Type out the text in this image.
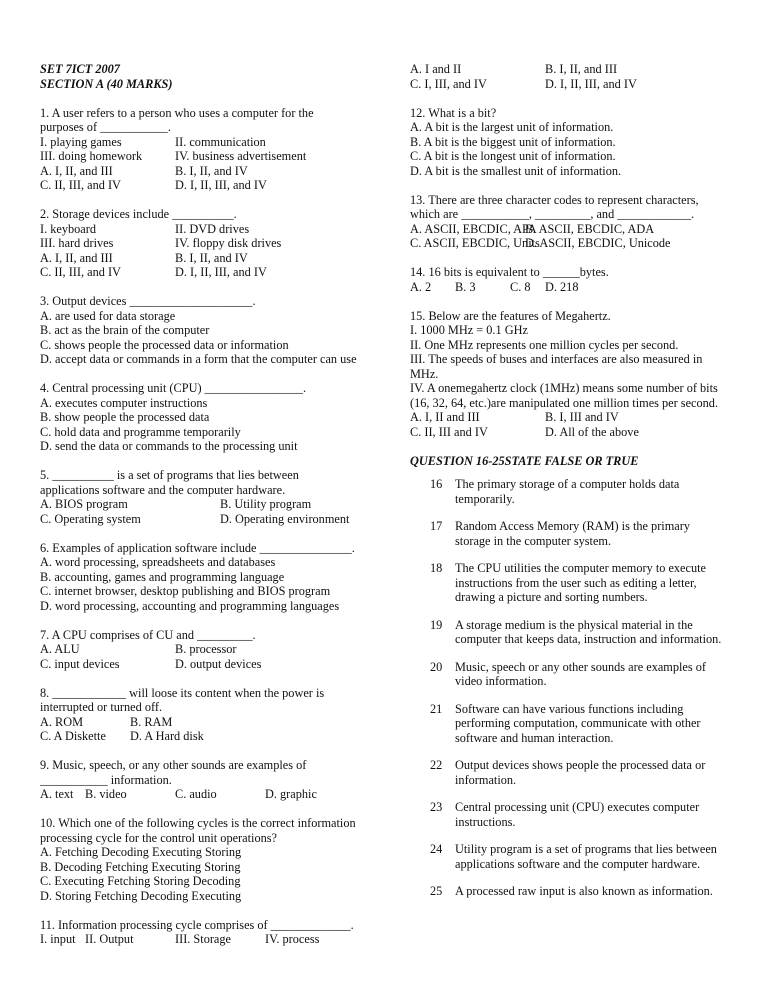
SET 7ICT 2007
SECTION A (40 MARKS)
1. A user refers to a person who uses a computer for the
purposes of ___________.
I. playing games	II. communication
III. doing homework	IV. business advertisement
A. I, II, and III	B. I, II, and IV
C. II, III, and IV	D. I, II, III, and IV
2. Storage devices include __________.
I. keyboard	II. DVD drives
III. hard drives	IV. floppy disk drives
A. I, II, and III	B. I, II, and IV
C. II, III, and IV	D. I, II, III, and IV
3. Output devices ____________________.
A. are used for data storage
B. act as the brain of the computer
C. shows people the processed data or information
D. accept data or commands in a form that the computer can use
4. Central processing unit (CPU) ________________.
A. executes computer instructions
B. show people the processed data
C. hold data and programme temporarily
D. send the data or commands to the processing unit
5. __________ is a set of programs that lies between
applications software and the computer hardware.
A. BIOS program	B. Utility program
C. Operating system	D. Operating environment
6. Examples of application software include _______________.
A. word processing, spreadsheets and databases
B. accounting, games and programming language
C. internet browser, desktop publishing and BIOS program
D. word processing, accounting and programming languages
7. A CPU comprises of CU and _________.
A. ALU	B. processor
C. input devices	D. output devices
8. ____________ will loose its content when the power is
interrupted or turned off.
A. ROM	B. RAM
C. A Diskette D. A Hard disk
9. Music, speech, or any other sounds are examples of
___________ information.
A. text B. video	C. audio	D. graphic
10. Which one of the following cycles is the correct information
processing cycle for the control unit operations?
A. Fetching Decoding Executing Storing
B. Decoding Fetching Executing Storing
C. Executing Fetching Storing Decoding
D. Storing Fetching Decoding Executing
11. Information processing cycle comprises of _____________.
I. input II. Output	III. Storage	IV. process
A. I and II	B. I, II, and III
C. I, III, and IV	D. I, II, III, and IV
12. What is a bit?
A. A bit is the largest unit of information.
B. A bit is the biggest unit of information.
C. A bit is the longest unit of information.
D. A bit is the smallest unit of information.
13. There are three character codes to represent characters,
which are ___________, _________, and ____________.
A. ASCII, EBCDIC, APA
B. ASCII, EBCDIC, ADA
C. ASCII, EBCDIC, Units
D. ASCII, EBCDIC, Unicode
14. 16 bits is equivalent to ______bytes.
A. 2 B. 3	C. 8 D. 218
15. Below are the features of Megahertz.
I. 1000 MHz = 0.1 GHz
II. One MHz represents one million cycles per second.
III. The speeds of buses and interfaces are also measured in
MHz.
IV. A onemegahertz clock (1MHz) means some number of bits
(16, 32, 64, etc.)are manipulated one million times per second.
A. I, II and III	B. I, III and IV
C. II, III and IV	D. All of the above
QUESTION 16-25STATE FALSE OR TRUE
16 The primary storage of a computer holds data
temporarily.
17 Random Access Memory (RAM) is the primary
storage in the computer system.
18 The CPU utilities the computer memory to execute
instructions from the user such as editing a letter,
drawing a picture and sorting numbers.
19 A storage medium is the physical material in the
computer that keeps data, instruction and information.
20 Music, speech or any other sounds are examples of
video information.
21 Software can have various functions including
performing computation, communicate with other
software and human interaction.
22 Output devices shows people the processed data or
information.
23 Central processing unit (CPU) executes computer
instructions.
24 Utility program is a set of programs that lies between
applications software and the computer hardware.
25 A processed raw input is also known as information.
